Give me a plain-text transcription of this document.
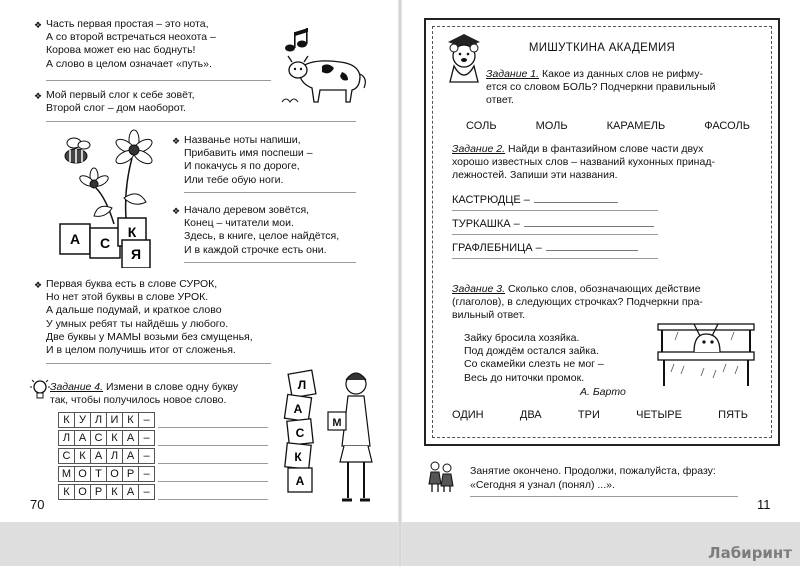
❖ Часть первая простая – это нота,
А со второй встречаться неохота –
Корова может ею нас боднуть!
А слово в целом означает «путь».
❖ Мой первый слог к себе зовёт,
Второй слог – дом наоборот.
А С
К
Я
❖ Названье ноты напиши,
Прибавить имя поспеши –
И покачусь я по дороге,
Или тебе обую ноги.
❖ Начало деревом зовётся,
Конец – читатели мои.
Здесь, в книге, целое найдётся,
И в каждой строчке есть они.
❖ Первая буква есть в слове СУРОК,
Но нет этой буквы в слове УРОК.
А дальше подумай, и краткое слово
У умных ребят ты найдёшь у любого.
Две буквы у МАМЫ возьми без смущенья,
И в целом получишь итог от сложенья.
Задание 4. Измени в слове одну букву
так, чтобы получилось новое слово.
К У Л И К –
Л А С К А –
С К А Л А –
М О Т О Р –
К О Р К А –
Л
А
С
К
А
М
70
МИШУТКИНА АКАДЕМИЯ
Задание 1. Какое из данных слов не рифму-
ется со словом БОЛЬ? Подчеркни правильный
ответ.
СОЛЬ	МОЛЬ	КАРАМЕЛЬ	ФАСОЛЬ
Задание 2. Найди в фантазийном слове части двух
хорошо известных слов – названий кухонных принад-
лежностей. Запиши эти названия.
КАСТРЮДЦЕ –
ТУРКАШКА –
ГРАФЛЕБНИЦА –
Задание 3. Сколько слов, обозначающих действие
(глаголов), в следующих строчках? Подчеркни пра-
вильный ответ.
Зайку бросила хозяйка.
Под дождём остался зайка.
Со скамейки слезть не мог –
Весь до ниточки промок.
А. Барто
ОДИН	ДВА	ТРИ	ЧЕТЫРЕ	ПЯТЬ
Занятие окончено. Продолжи, пожалуйста, фразу:
«Сегодня я узнал (понял) ...».
11
Лабиринт
